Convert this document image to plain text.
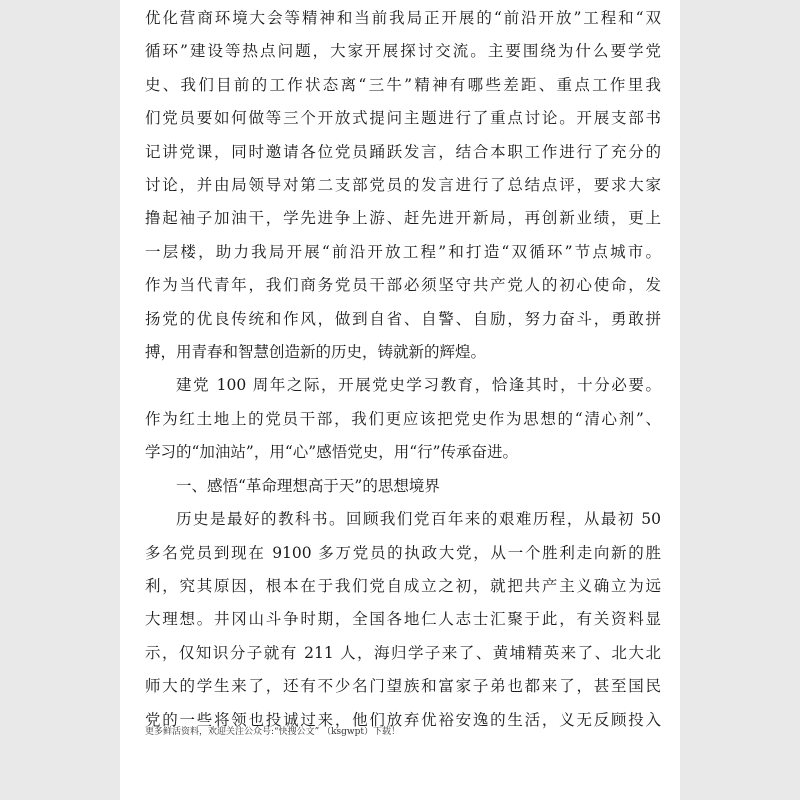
优化营商环境大会等精神和当前我局正开展的“前沿开放”工程和“双
循环”建设等热点问题，大家开展探讨交流。主要围绕为什么要学党
史、我们目前的工作状态离“三牛”精神有哪些差距、重点工作里我
们党员要如何做等三个开放式提问主题进行了重点讨论。开展支部书
记讲党课，同时邀请各位党员踊跃发言，结合本职工作进行了充分的
讨论，并由局领导对第二支部党员的发言进行了总结点评，要求大家
撸起袖子加油干，学先进争上游、赶先进开新局，再创新业绩，更上
一层楼，助力我局开展“前沿开放工程”和打造“双循环”节点城市。
作为当代青年，我们商务党员干部必须坚守共产党人的初心使命，发
扬党的优良传统和作风，做到自省、自警、自励，努力奋斗，勇敢拼
搏，用青春和智慧创造新的历史，铸就新的辉煌。
建党 100 周年之际，开展党史学习教育，恰逢其时，十分必要。
作为红土地上的党员干部，我们更应该把党史作为思想的“清心剂”、
学习的“加油站”，用“心”感悟党史，用“行”传承奋进。
一、感悟“革命理想高于天”的思想境界
历史是最好的教科书。回顾我们党百年来的艰难历程，从最初 50
多名党员到现在 9100 多万党员的执政大党，从一个胜利走向新的胜
利，究其原因，根本在于我们党自成立之初，就把共产主义确立为远
大理想。井冈山斗争时期，全国各地仁人志士汇聚于此，有关资料显
示，仅知识分子就有 211 人，海归学子来了、黄埔精英来了、北大北
师大的学生来了，还有不少名门望族和富家子弟也都来了，甚至国民
党的一些将领也投诚过来，他们放弃优裕安逸的生活，义无反顾投入
更多鲜活资料，欢迎关注公众号:“快搜公文” （ksgwpt）下载！
